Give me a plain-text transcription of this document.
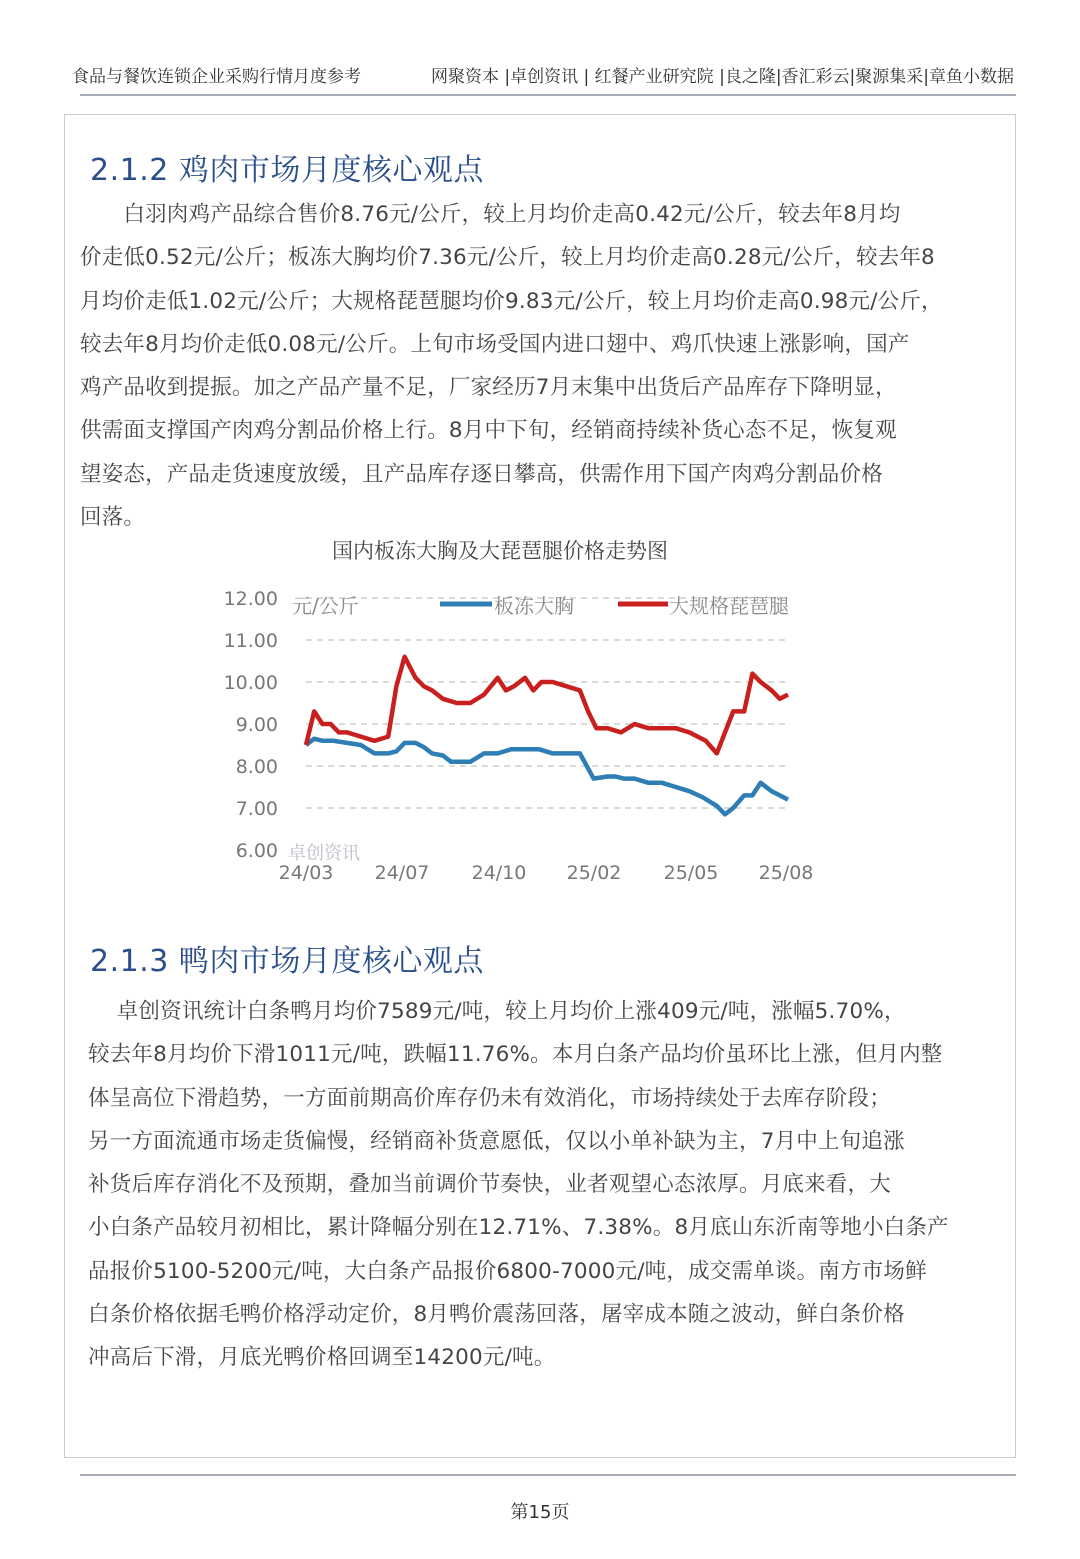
食品与餐饮连锁企业采购行情月度参考	网聚资本 |卓创资讯 | 红餐产业研究院 |良之隆|香汇彩云|聚源集采|章鱼小数据
2.1.2 鸡肉市场月度核心观点
　　白羽肉鸡产品综合售价8.76元/公斤，较上月均价走高0.42元/公斤，较去年8月均
价走低0.52元/公斤；板冻大胸均价7.36元/公斤，较上月均价走高0.28元/公斤，较去年8
月均价走低1.02元/公斤；大规格琵琶腿均价9.83元/公斤，较上月均价走高0.98元/公斤，
较去年8月均价走低0.08元/公斤。上旬市场受国内进口翅中、鸡爪快速上涨影响，国产
鸡产品收到提振。加之产品产量不足，厂家经历7月末集中出货后产品库存下降明显，
供需面支撑国产肉鸡分割品价格上行。8月中下旬，经销商持续补货心态不足，恢复观
望姿态，产品走货速度放缓，且产品库存逐日攀高，供需作用下国产肉鸡分割品价格
回落。
国内板冻大胸及大琵琶腿价格走势图
12.00
11.00
10.00
9.00
8.00
7.00
6.00
24/03 24/07 24/10 25/02 25/05 25/08
卓创资讯
元/公斤	板冻大胸	大规格琵琶腿
2.1.3 鸭肉市场月度核心观点
　 卓创资讯统计白条鸭月均价7589元/吨，较上月均价上涨409元/吨，涨幅5.70%，
较去年8月均价下滑1011元/吨，跌幅11.76%。本月白条产品均价虽环比上涨，但月内整
体呈高位下滑趋势，一方面前期高价库存仍未有效消化，市场持续处于去库存阶段；
另一方面流通市场走货偏慢，经销商补货意愿低，仅以小单补缺为主，7月中上旬追涨
补货后库存消化不及预期，叠加当前调价节奏快，业者观望心态浓厚。月底来看，大
小白条产品较月初相比，累计降幅分别在12.71%、7.38%。8月底山东沂南等地小白条产
品报价5100-5200元/吨，大白条产品报价6800-7000元/吨，成交需单谈。南方市场鲜
白条价格依据毛鸭价格浮动定价，8月鸭价震荡回落，屠宰成本随之波动，鲜白条价格
冲高后下滑，月底光鸭价格回调至14200元/吨。
第15页
